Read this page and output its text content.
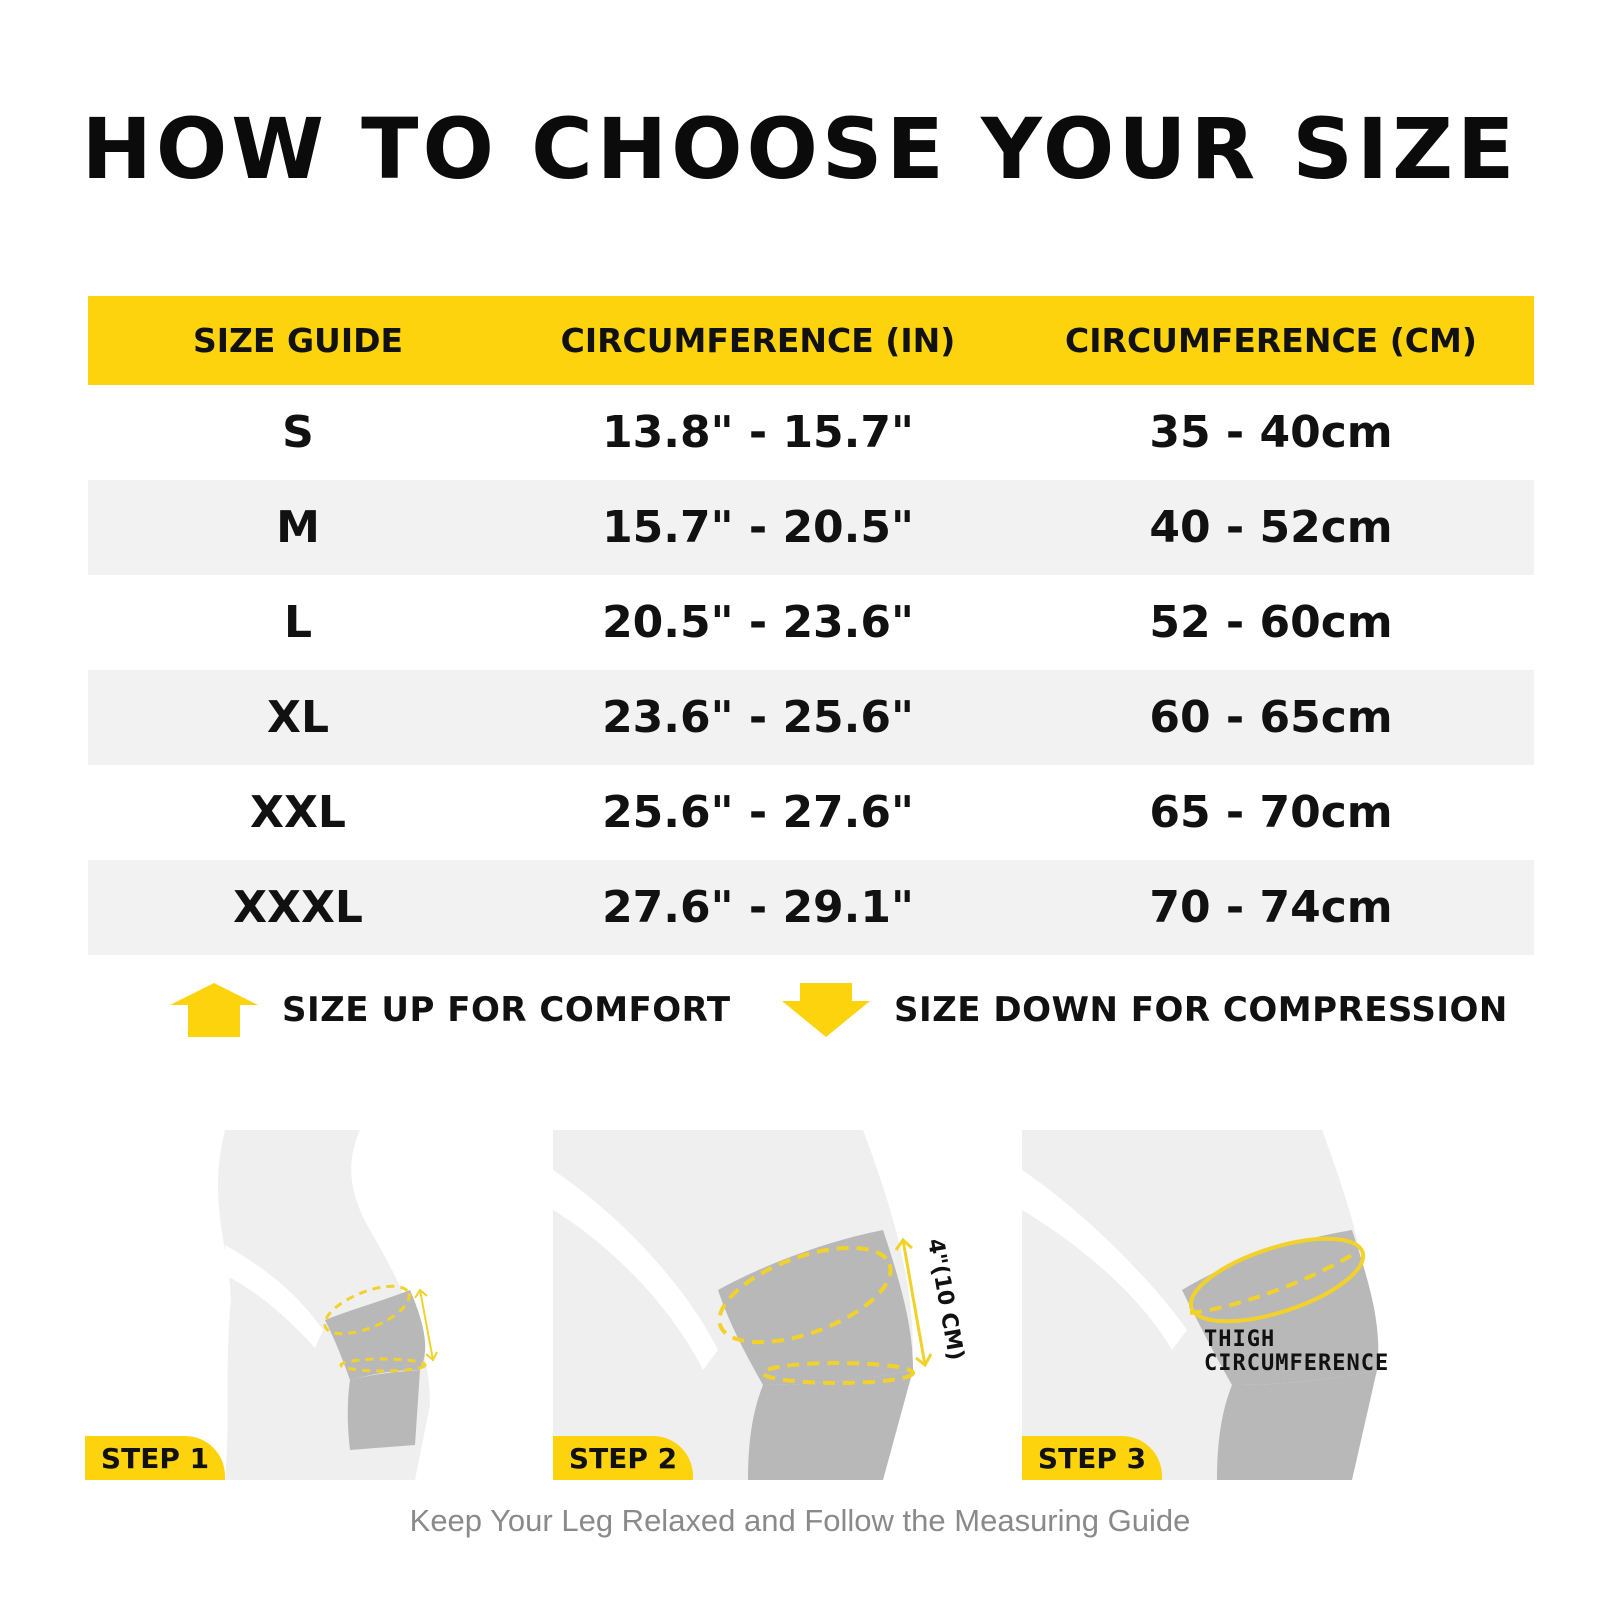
HOW TO CHOOSE YOUR SIZE
SIZE GUIDE	CIRCUMFERENCE (IN)	CIRCUMFERENCE (CM)
S	13.8" - 15.7"	35 - 40cm
M	15.7" - 20.5"	40 - 52cm
L	20.5" - 23.6"	52 - 60cm
XL	23.6" - 25.6"	60 - 65cm
XXL	25.6" - 27.6"	65 - 70cm
XXXL	27.6" - 29.1"	70 - 74cm
SIZE UP FOR COMFORT	SIZE DOWN FOR COMPRESSION
STEP 1
4"(10 CM)
STEP 2
THIGH
CIRCUMFERENCE
STEP 3
Keep Your Leg Relaxed and Follow the Measuring Guide
